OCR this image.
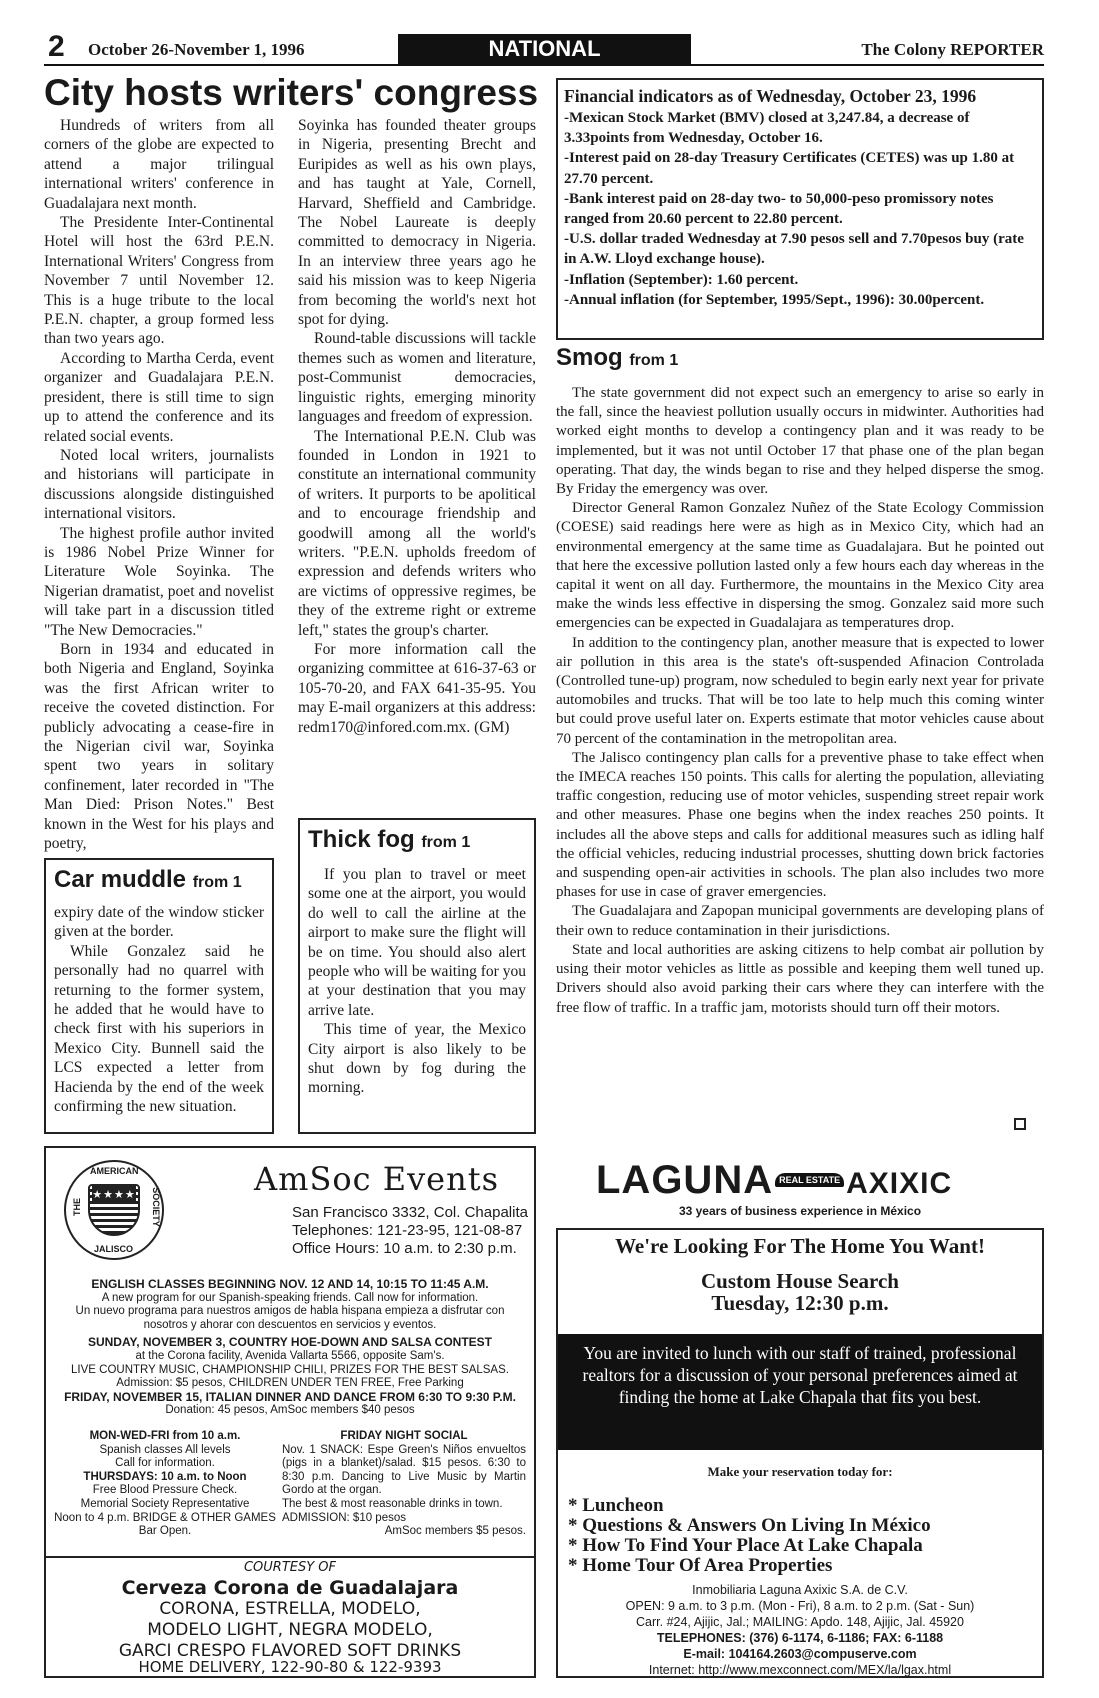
2 October 26-November 1, 1996	NATIONAL	The Colony REPORTER
City hosts writers' congress

Hundreds of writers from all corners of the globe are expected to attend a major trilingual international writers' conference in Guadalajara next month.

The Presidente Inter-Continental Hotel will host the 63rd P.E.N. International Writers' Congress from November 7 until November 12. This is a huge tribute to the local P.E.N. chapter, a group formed less than two years ago.

According to Martha Cerda, event organizer and Guadalajara P.E.N. president, there is still time to sign up to attend the conference and its related social events.

Noted local writers, journalists and historians will participate in discussions alongside distinguished international visitors.

The highest profile author invited is 1986 Nobel Prize Winner for Literature Wole Soyinka. The Nigerian dramatist, poet and novelist will take part in a discussion titled "The New Democracies."

Born in 1934 and educated in both Nigeria and England, Soyinka was the first African writer to receive the coveted distinction. For publicly advocating a cease-fire in the Nigerian civil war, Soyinka spent two years in solitary confinement, later recorded in "The Man Died: Prison Notes." Best known in the West for his plays and poetry,

Soyinka has founded theater groups in Nigeria, presenting Brecht and Euripides as well as his own plays, and has taught at Yale, Cornell, Harvard, Sheffield and Cambridge. The Nobel Laureate is deeply committed to democracy in Nigeria. In an interview three years ago he said his mission was to keep Nigeria from becoming the world's next hot spot for dying.

Round-table discussions will tackle themes such as women and literature, post-Communist democracies, linguistic rights, emerging minority languages and freedom of expression.

The International P.E.N. Club was founded in London in 1921 to constitute an international community of writers. It purports to be apolitical and to encourage friendship and goodwill among all the world's writers. "P.E.N. upholds freedom of expression and defends writers who are victims of oppressive regimes, be they of the extreme right or extreme left," states the group's charter.

For more information call the organizing committee at 616-37-63 or 105-70-20, and FAX 641-35-95. You may E-mail organizers at this address: redm170@infored.com.mx. (GM)

Car muddle from 1

expiry date of the window sticker given at the border.

While Gonzalez said he personally had no quarrel with returning to the former system, he added that he would have to check first with his superiors in Mexico City. Bunnell said the LCS expected a letter from Hacienda by the end of the week confirming the new situation.

Thick fog from 1

If you plan to travel or meet some one at the airport, you would do well to call the airline at the airport to make sure the flight will be on time. You should also alert people who will be waiting for you at your destination that you may arrive late.

This time of year, the Mexico City airport is also likely to be shut down by fog during the morning.

Financial indicators as of Wednesday, October 23, 1996
-Mexican Stock Market (BMV) closed at 3,247.84, a decrease of 3.33points from Wednesday, October 16.
-Interest paid on 28-day Treasury Certificates (CETES) was up 1.80 at 27.70 percent.
-Bank interest paid on 28-day two- to 50,000-peso promissory notes ranged from 20.60 percent to 22.80 percent.
-U.S. dollar traded Wednesday at 7.90 pesos sell and 7.70pesos buy (rate in A.W. Lloyd exchange house).
-Inflation (September): 1.60 percent.
-Annual inflation (for September, 1995/Sept., 1996): 30.00percent.
Smog from 1

The state government did not expect such an emergency to arise so early in the fall, since the heaviest pollution usually occurs in midwinter. Authorities had worked eight months to develop a contingency plan and it was ready to be implemented, but it was not until October 17 that phase one of the plan began operating. That day, the winds began to rise and they helped disperse the smog. By Friday the emergency was over.

Director General Ramon Gonzalez Nuñez of the State Ecology Commission (COESE) said readings here were as high as in Mexico City, which had an environmental emergency at the same time as Guadalajara. But he pointed out that here the excessive pollution lasted only a few hours each day whereas in the capital it went on all day. Furthermore, the mountains in the Mexico City area make the winds less effective in dispersing the smog. Gonzalez said more such emergencies can be expected in Guadalajara as temperatures drop.

In addition to the contingency plan, another measure that is expected to lower air pollution in this area is the state's oft-suspended Afinacion Controlada (Controlled tune-up) program, now scheduled to begin early next year for private automobiles and trucks. That will be too late to help much this coming winter but could prove useful later on. Experts estimate that motor vehicles cause about 70 percent of the contamination in the metropolitan area.

The Jalisco contingency plan calls for a preventive phase to take effect when the IMECA reaches 150 points. This calls for alerting the population, alleviating traffic congestion, reducing use of motor vehicles, suspending street repair work and other measures. Phase one begins when the index reaches 250 points. It includes all the above steps and calls for additional measures such as idling half the official vehicles, reducing industrial processes, shutting down brick factories and suspending open-air activities in schools. The plan also includes two more phases for use in case of graver emergencies.

The Guadalajara and Zapopan municipal governments are developing plans of their own to reduce contamination in their jurisdictions.

State and local authorities are asking citizens to help combat air pollution by using their motor vehicles as little as possible and keeping them well tuned up. Drivers should also avoid parking their cars where they can interfere with the free flow of traffic. In a traffic jam, motorists should turn off their motors.

AMERICAN
THE	SOCIETY
JALISCO
★★★★	AmSoc Events
San Francisco 3332, Col. Chapalita
Telephones: 121-23-95, 121-08-87
Office Hours: 10 a.m. to 2:30 p.m.
ENGLISH CLASSES BEGINNING NOV. 12 AND 14, 10:15 TO 11:45 A.M.
A new program for our Spanish-speaking friends. Call now for information.
Un nuevo programa para nuestros amigos de habla hispana empieza a disfrutar con nosotros y ahorar con descuentos en servicios y eventos.
SUNDAY, NOVEMBER 3, COUNTRY HOE-DOWN AND SALSA CONTEST
at the Corona facility, Avenida Vallarta 5566, opposite Sam's.
LIVE COUNTRY MUSIC, CHAMPIONSHIP CHILI, PRIZES FOR THE BEST SALSAS.
Admission: $5 pesos, CHILDREN UNDER TEN FREE, Free Parking
FRIDAY, NOVEMBER 15, ITALIAN DINNER AND DANCE FROM 6:30 TO 9:30 P.M.
Donation: 45 pesos, AmSoc members $40 pesos
MON-WED-FRI from 10 a.m.
Spanish classes All levels
Call for information.
THURSDAYS: 10 a.m. to Noon
Free Blood Pressure Check.
Memorial Society Representative
Noon to 4 p.m. BRIDGE & OTHER GAMES
Bar Open.
FRIDAY NIGHT SOCIAL
Nov. 1 SNACK: Espe Green's Niños envueltos (pigs in a blanket)/salad. $15 pesos. 6:30 to 8:30 p.m. Dancing to Live Music by Martin Gordo at the organ.
The best & most reasonable drinks in town.
ADMISSION: $10 pesos
AmSoc members $5 pesos.
COURTESY OF
Cerveza Corona de Guadalajara
CORONA, ESTRELLA, MODELO,
MODELO LIGHT, NEGRA MODELO,
GARCI CRESPO FLAVORED SOFT DRINKS
HOME DELIVERY, 122-90-80 & 122-9393
LAGUNA REAL ESTATE AXIXIC
33 years of business experience in México
We're Looking For The Home You Want!
Custom House Search
Tuesday, 12:30 p.m.
You are invited to lunch with our staff of trained, professional realtors for a discussion of your personal preferences aimed at finding the home at Lake Chapala that fits you best.
Make your reservation today for:
* Luncheon
* Questions & Answers On Living In México
* How To Find Your Place At Lake Chapala
* Home Tour Of Area Properties
Inmobiliaria Laguna Axixic S.A. de C.V.
OPEN: 9 a.m. to 3 p.m. (Mon - Fri), 8 a.m. to 2 p.m. (Sat - Sun)
Carr. #24, Ajijic, Jal.; MAILING: Apdo. 148, Ajijic, Jal. 45920
TELEPHONES: (376) 6-1174, 6-1186; FAX: 6-1188
E-mail: 104164.2603@compuserve.com
Internet: http://www.mexconnect.com/MEX/la/lgax.html
